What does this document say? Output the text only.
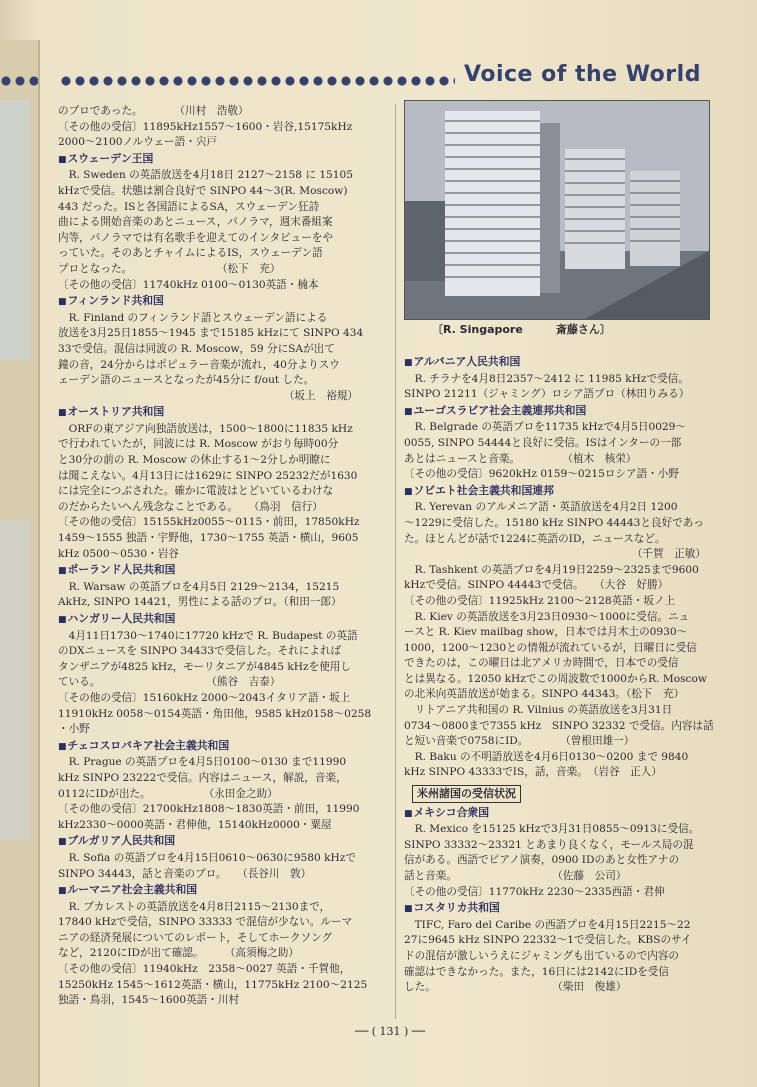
Voice of the World
〔R. Singapore　　　斎藤さん〕
のプロであった。　　　　（川村　浩敬）
〔その他の受信〕11895kHz1557～1600・岩谷,15175kHz
2000～2100ノルウェー語・宍戸
■ スウェーデン王国
　R. Sweden の英語放送を4月18日 2127～2158 に 15105
kHzで受信。状態は割合良好で SINPO 44～3(R. Moscow)
443 だった。ISと各国語によるSA，スウェーデン狂詩
曲による開始音楽のあとニュース，パノラマ，週末番組案
内等，パノラマでは有名歌手を迎えてのインタビューをや
っていた。そのあとチャイムによるIS，スウェーデン語
プロとなった。　　　　　　　　　（松下　充）
〔その他の受信〕11740kHz 0100～0130英語・楠本
■ フィンランド共和国
　R. Finland のフィンランド語とスウェーデン語による
放送を3月25日1855～1945 まで15185 kHzにて SINPO 434
33で受信。混信は同波の R. Moscow，59 分にSAが出て
鐘の音，24分からはポピュラー音楽が流れ，40分よりスウ
ェーデン語のニュースとなったが45分に f/out した。
（坂上　裕規）
■ オーストリア共和国
　ORFの東アジア向独語放送は，1500～1800に11835 kHz
で行われていたが，同波には R. Moscow がおり毎時00分
と30分の前の R. Moscow の休止する1～2分しか明瞭に
は聞こえない。4月13日には1629に SINPO 25232だが1630
には完全につぶされた。確かに電波はとどいているわけな
のだからたいへん残念なことである。　　（鳥羽　信行）
〔その他の受信〕15155kHz0055～0115・前田，17850kHz
1459～1555 独語・宇野他，1730～1755 英語・横山，9605
kHz 0500～0530・岩谷
■ ポーランド人民共和国
　R. Warsaw の英語プロを4月5日 2129～2134，15215
AkHz, SINPO 14421，男性による話のプロ。（和田一郎）
■ ハンガリー人民共和国
　4月11日1730～1740に17720 kHzで R. Budapest の英語
のDXニュースを SINPO 34433で受信した。それによれば
タンザニアが4825 kHz，モーリタニアが4845 kHzを使用し
ている。　　　　　　　　　　　（熊谷　吉泰）
〔その他の受信〕15160kHz 2000～2043イタリア語・坂上
11910kHz 0058～0154英語・角田他，9585 kHz0158～0258
・小野
■ チェコスロバキア社会主義共和国
　R. Prague の英語プロを4月5日0100～0130 まで11990
kHz SINPO 23222で受信。内容はニュース，解説，音楽，
0112にIDが出た。　　　　　　（永田金之助）
〔その他の受信〕21700kHz1808～1830英語・前田，11990
kHz2330～0000英語・君伸他，15140kHz0000・粟屋
■ ブルガリア人民共和国
　R. Sofia の英語プロを4月15日0610～0630に9580 kHzで
SINPO 34443，話と音楽のプロ。　　（長谷川　敦）
■ ルーマニア社会主義共和国
　R. ブカレストの英語放送を4月8日2115～2130まで，
17840 kHzで受信，SINPO 33333 で混信が少ない。ルーマ
ニアの経済発展についてのレポート，そしてホークソング
など，2120にIDが出て確認。　　　（高須梅之助）
〔その他の受信〕11940kHz　2358～0027 英語・千賀他，
15250kHz 1545～1612英語・横山，11775kHz 2100～2125
独語・鳥羽，1545～1600英語・川村
■ アルバニア人民共和国
　R. チラナを4月8日2357～2412 に 11985 kHzで受信。
SINPO 21211（ジャミング）ロシア語プロ（林田りみる）
■ ユーゴスラビア社会主義連邦共和国
　R. Belgrade の英語プロを11735 kHzで4月5日0029～
0055, SINPO 54444と良好に受信。ISはインターの一部
あとはニュースと音楽。　　　　　（植木　核栄）
〔その他の受信〕9620kHz 0159～0215ロシア語・小野
■ ソビエト社会主義共和国連邦
　R. Yerevan のアルメニア語・英語放送を4月2日 1200
～1229に受信した。15180 kHz SINPO 44443と良好であっ
た。ほとんどが話で1224に英語のID，ニュースなど。
（千賀　正敏）
　R. Tashkent の英語プロを4月19日2259～2325まで9600
kHzで受信。SINPO 44443で受信。　　（大谷　好勝）
〔その他の受信〕11925kHz 2100～2128英語・坂ノ上
　R. Kiev の英語放送を3月23日0930～1000に受信。ニュ
ースと R. Kiev mailbag show，日本では月木土の0930～
1000，1200～1230との情報が流れているが，日曜日に受信
できたのは，この曜日は北アメリカ時間で，日本での受信
とは異なる。12050 kHzでこの周波数で1000からR. Moscow
の北米向英語放送が始まる。SINPO 44343。（松下　充）
　リトアニア共和国の R. Vilnius の英語放送を3月31日
0734～0800まで7355 kHz　SINPO 32332 で受信。内容は話
と短い音楽で0758にID。　　　　（曽根田雄一）
　R. Baku の不明語放送を4月6日0130～0200 まで 9840
kHz SINPO 43333でIS，話，音楽。　（岩谷　正人）
米州諸国の受信状況
■ メキシコ合衆国
　R. Mexico を15125 kHzで3月31日0855～0913に受信。
SINPO 33332～23321 とあまり良くなく，モールス局の混
信がある。西語でピアノ演奏，0900 IDのあと女性アナの
話と音楽。　　　　　　　　　　（佐藤　公司）
〔その他の受信〕11770kHz 2230～2335西語・君伸
■ コスタリカ共和国
　TIFC, Faro del Caribe の西語プロを4月15日2215～22
27に9645 kHz SINPO 22332～1で受信した。KBSのサイ
ドの混信が激しいうえにジャミングも出ているので内容の
確認はできなかった。また，16日には2142にIDを受信
した。　　　　　　　　　　　　（柴田　俊雄）
── ( 131 ) ──
